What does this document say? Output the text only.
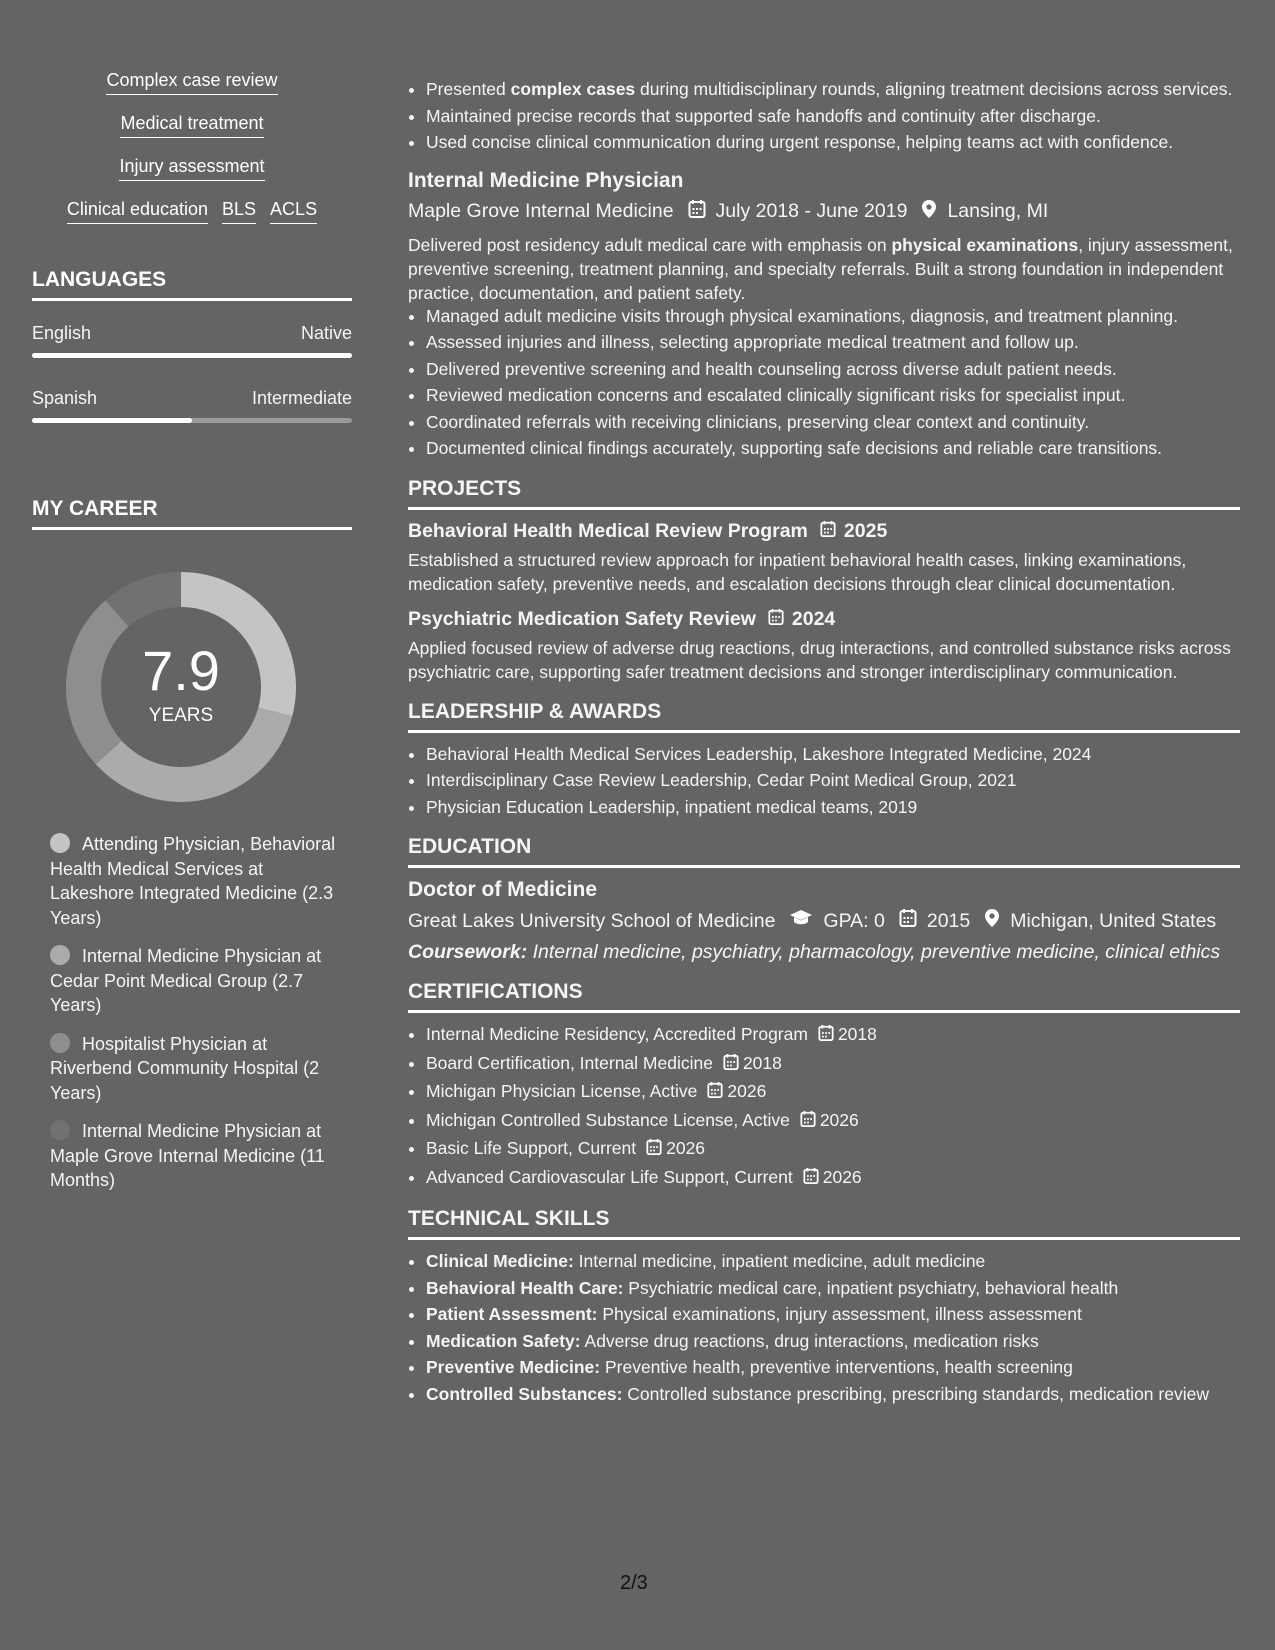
Complex case review
Medical treatment
Injury assessment
Clinical education BLS ACLS
LANGUAGES
English	Native
Spanish	Intermediate
MY CAREER
7.9
YEARS
Attending Physician, Behavioral Health Medical Services at Lakeshore Integrated Medicine (2.3 Years)
Internal Medicine Physician at Cedar Point Medical Group (2.7 Years)
Hospitalist Physician at Riverbend Community Hospital (2 Years)
Internal Medicine Physician at Maple Grove Internal Medicine (11 Months)
• Presented complex cases during multidisciplinary rounds, aligning treatment decisions across services.
• Maintained precise records that supported safe handoffs and continuity after discharge.
• Used concise clinical communication during urgent response, helping teams act with confidence.
Internal Medicine Physician
Maple Grove Internal Medicine July 2018 - June 2019 Lansing, MI
Delivered post residency adult medical care with emphasis on physical examinations, injury assessment, preventive screening, treatment planning, and specialty referrals. Built a strong foundation in independent practice, documentation, and patient safety.
• Managed adult medicine visits through physical examinations, diagnosis, and treatment planning.
• Assessed injuries and illness, selecting appropriate medical treatment and follow up.
• Delivered preventive screening and health counseling across diverse adult patient needs.
• Reviewed medication concerns and escalated clinically significant risks for specialist input.
• Coordinated referrals with receiving clinicians, preserving clear context and continuity.
• Documented clinical findings accurately, supporting safe decisions and reliable care transitions.
PROJECTS
Behavioral Health Medical Review Program 2025
Established a structured review approach for inpatient behavioral health cases, linking examinations, medication safety, preventive needs, and escalation decisions through clear clinical documentation.
Psychiatric Medication Safety Review 2024
Applied focused review of adverse drug reactions, drug interactions, and controlled substance risks across psychiatric care, supporting safer treatment decisions and stronger interdisciplinary communication.
LEADERSHIP & AWARDS
• Behavioral Health Medical Services Leadership, Lakeshore Integrated Medicine, 2024
• Interdisciplinary Case Review Leadership, Cedar Point Medical Group, 2021
• Physician Education Leadership, inpatient medical teams, 2019
EDUCATION
Doctor of Medicine
Great Lakes University School of Medicine GPA: 0 2015 Michigan, United States
Coursework: Internal medicine, psychiatry, pharmacology, preventive medicine, clinical ethics
CERTIFICATIONS
• Internal Medicine Residency, Accredited Program 2018
• Board Certification, Internal Medicine 2018
• Michigan Physician License, Active 2026
• Michigan Controlled Substance License, Active 2026
• Basic Life Support, Current 2026
• Advanced Cardiovascular Life Support, Current 2026
TECHNICAL SKILLS
• Clinical Medicine: Internal medicine, inpatient medicine, adult medicine
• Behavioral Health Care: Psychiatric medical care, inpatient psychiatry, behavioral health
• Patient Assessment: Physical examinations, injury assessment, illness assessment
• Medication Safety: Adverse drug reactions, drug interactions, medication risks
• Preventive Medicine: Preventive health, preventive interventions, health screening
• Controlled Substances: Controlled substance prescribing, prescribing standards, medication review
2/3
